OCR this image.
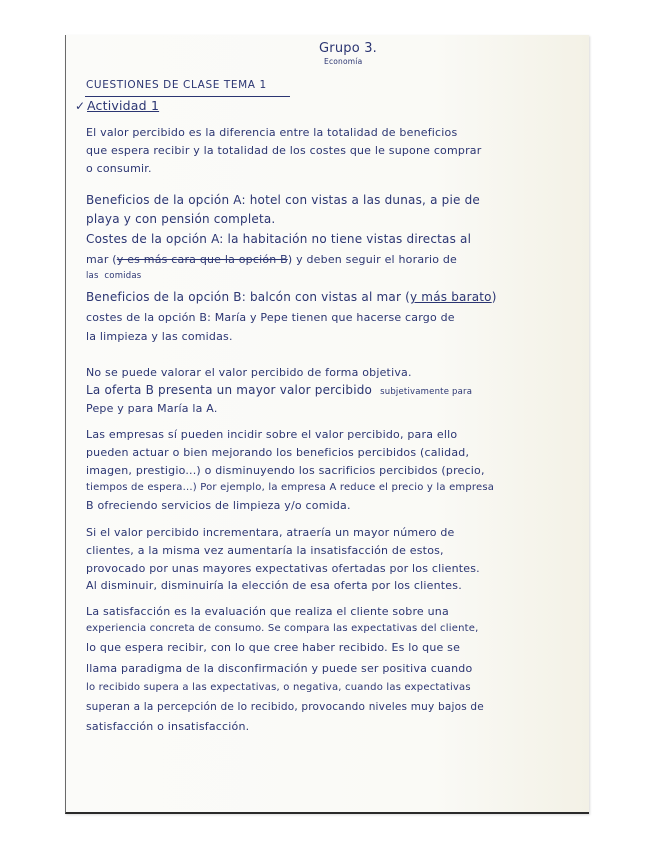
Grupo 3.
Economía
CUESTIONES DE CLASE TEMA 1
✓ Actividad 1
El valor percibido es la diferencia entre la totalidad de beneficios
que espera recibir y la totalidad de los costes que le supone comprar
o consumir.
Beneficios de la opción A: hotel con vistas a las dunas, a pie de
playa y con pensión completa.
Costes de la opción A: la habitación no tiene vistas directas al
mar (y es más cara que la opción B) y deben seguir el horario de
las comidas
Beneficios de la opción B: balcón con vistas al mar (y más barato)
costes de la opción B: María y Pepe tienen que hacerse cargo de
la limpieza y las comidas.
No se puede valorar el valor percibido de forma objetiva.
La oferta B presenta un mayor valor percibido subjetivamente para
Pepe y para María la A.
Las empresas sí pueden incidir sobre el valor percibido, para ello
pueden actuar o bien mejorando los beneficios percibidos (calidad,
imagen, prestigio...) o disminuyendo los sacrificios percibidos (precio,
tiempos de espera...) Por ejemplo, la empresa A reduce el precio y la empresa
B ofreciendo servicios de limpieza y/o comida.
Si el valor percibido incrementara, atraería un mayor número de
clientes, a la misma vez aumentaría la insatisfacción de estos,
provocado por unas mayores expectativas ofertadas por los clientes.
Al disminuir, disminuiría la elección de esa oferta por los clientes.
La satisfacción es la evaluación que realiza el cliente sobre una
experiencia concreta de consumo. Se compara las expectativas del cliente,
lo que espera recibir, con lo que cree haber recibido. Es lo que se
llama paradigma de la disconfirmación y puede ser positiva cuando
lo recibido supera a las expectativas, o negativa, cuando las expectativas
superan a la percepción de lo recibido, provocando niveles muy bajos de
satisfacción o insatisfacción.
